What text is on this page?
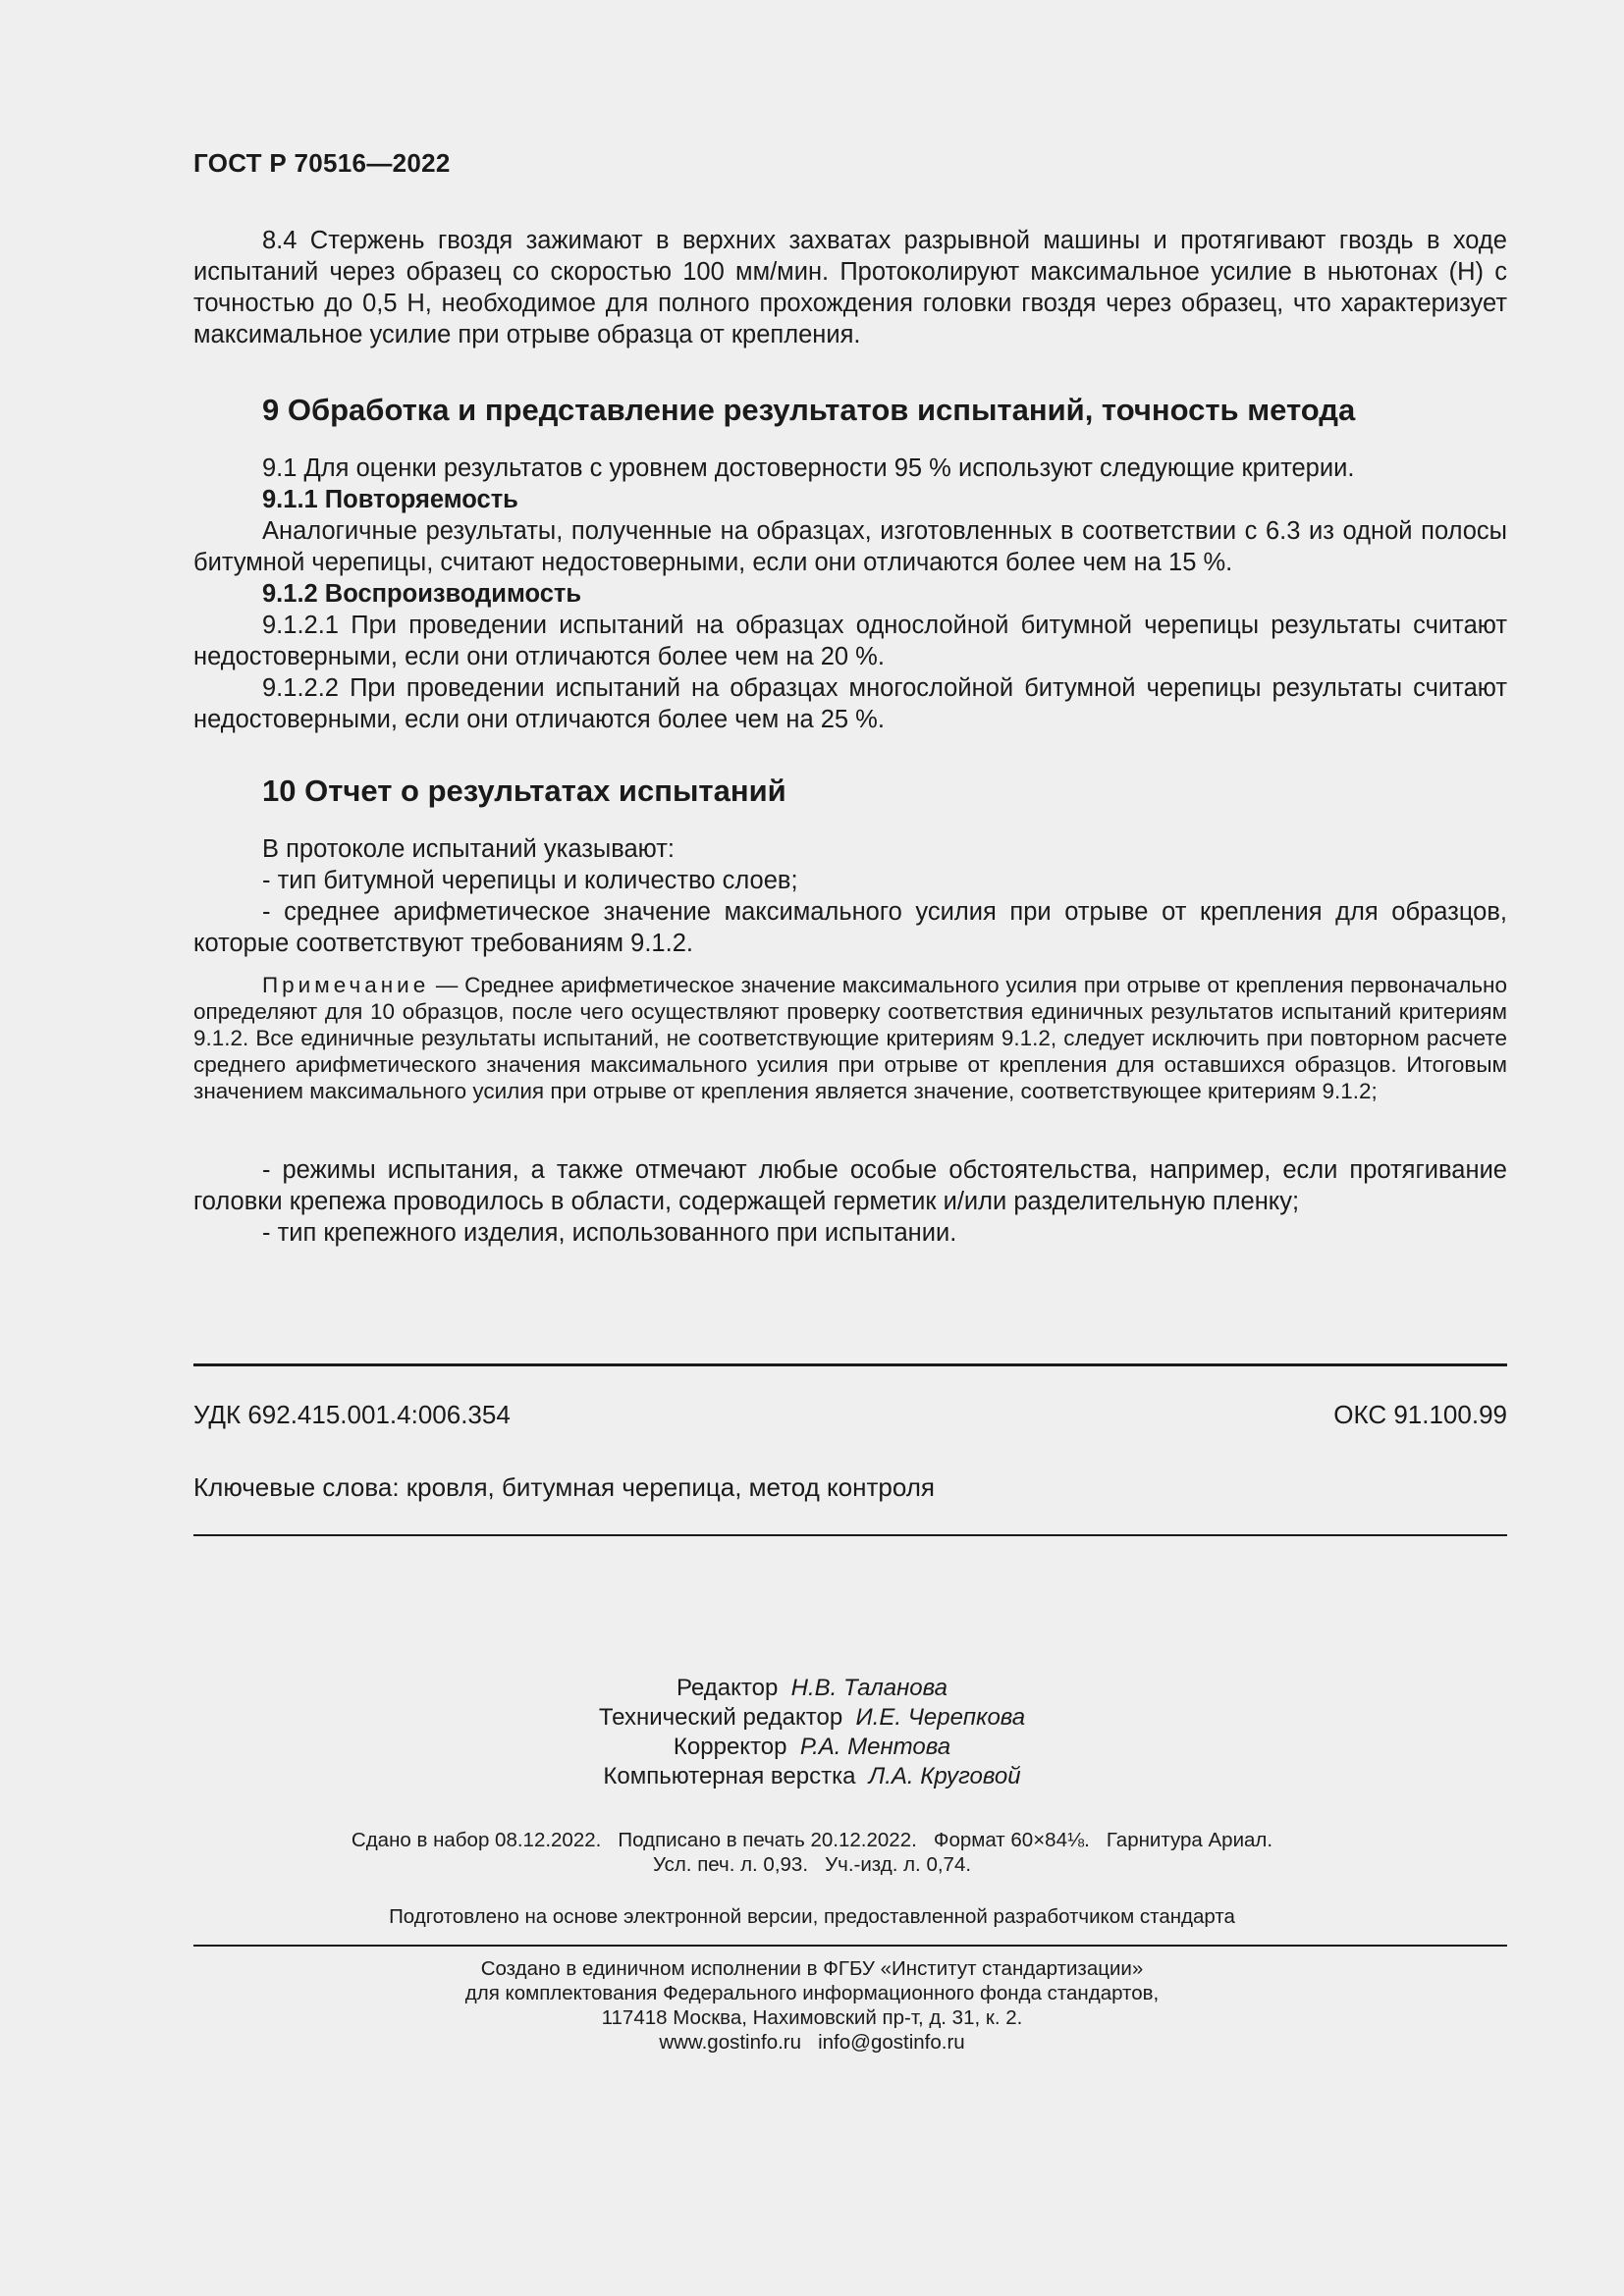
ГОСТ Р 70516—2022

8.4 Стержень гвоздя зажимают в верхних захватах разрывной машины и протягивают гвоздь в ходе испытаний через образец со скоростью 100 мм/мин. Протоколируют максимальное усилие в ньютонах (Н) с точностью до 0,5 Н, необходимое для полного прохождения головки гвоздя через образец, что характеризует максимальное усилие при отрыве образца от крепления.

9 Обработка и представление результатов испытаний, точность метода

9.1 Для оценки результатов с уровнем достоверности 95 % используют следующие критерии.

9.1.1 Повторяемость

Аналогичные результаты, полученные на образцах, изготовленных в соответствии с 6.3 из одной полосы битумной черепицы, считают недостоверными, если они отличаются более чем на 15 %.

9.1.2 Воспроизводимость

9.1.2.1 При проведении испытаний на образцах однослойной битумной черепицы результаты считают недостоверными, если они отличаются более чем на 20 %.

9.1.2.2 При проведении испытаний на образцах многослойной битумной черепицы результаты считают недостоверными, если они отличаются более чем на 25 %.

10 Отчет о результатах испытаний

В протоколе испытаний указывают:

- тип битумной черепицы и количество слоев;

- среднее арифметическое значение максимального усилия при отрыве от крепления для образцов, которые соответствуют требованиям 9.1.2.

Примечание — Среднее арифметическое значение максимального усилия при отрыве от крепления первоначально определяют для 10 образцов, после чего осуществляют проверку соответствия единичных результатов испытаний критериям 9.1.2. Все единичные результаты испытаний, не соответствующие критериям 9.1.2, следует исключить при повторном расчете среднего арифметического значения максимального усилия при отрыве от крепления для оставшихся образцов. Итоговым значением максимального усилия при отрыве от крепления является значение, соответствующее критериям 9.1.2;

- режимы испытания, а также отмечают любые особые обстоятельства, например, если протягивание головки крепежа проводилось в области, содержащей герметик и/или разделительную пленку;

- тип крепежного изделия, использованного при испытании.

УДК 692.415.001.4:006.354	ОКС 91.100.99
Ключевые слова: кровля, битумная черепица, метод контроля
Редактор Н.В. Таланова
Технический редактор И.Е. Черепкова
Корректор Р.А. Ментова
Компьютерная верстка Л.А. Круговой
Сдано в набор 08.12.2022.   Подписано в печать 20.12.2022.   Формат 60×84⅛.   Гарнитура Ариал.
Усл. печ. л. 0,93.   Уч.-изд. л. 0,74.
Подготовлено на основе электронной версии, предоставленной разработчиком стандарта
Создано в единичном исполнении в ФГБУ «Институт стандартизации»
для комплектования Федерального информационного фонда стандартов,
117418 Москва, Нахимовский пр-т, д. 31, к. 2.
www.gostinfo.ru   info@gostinfo.ru
